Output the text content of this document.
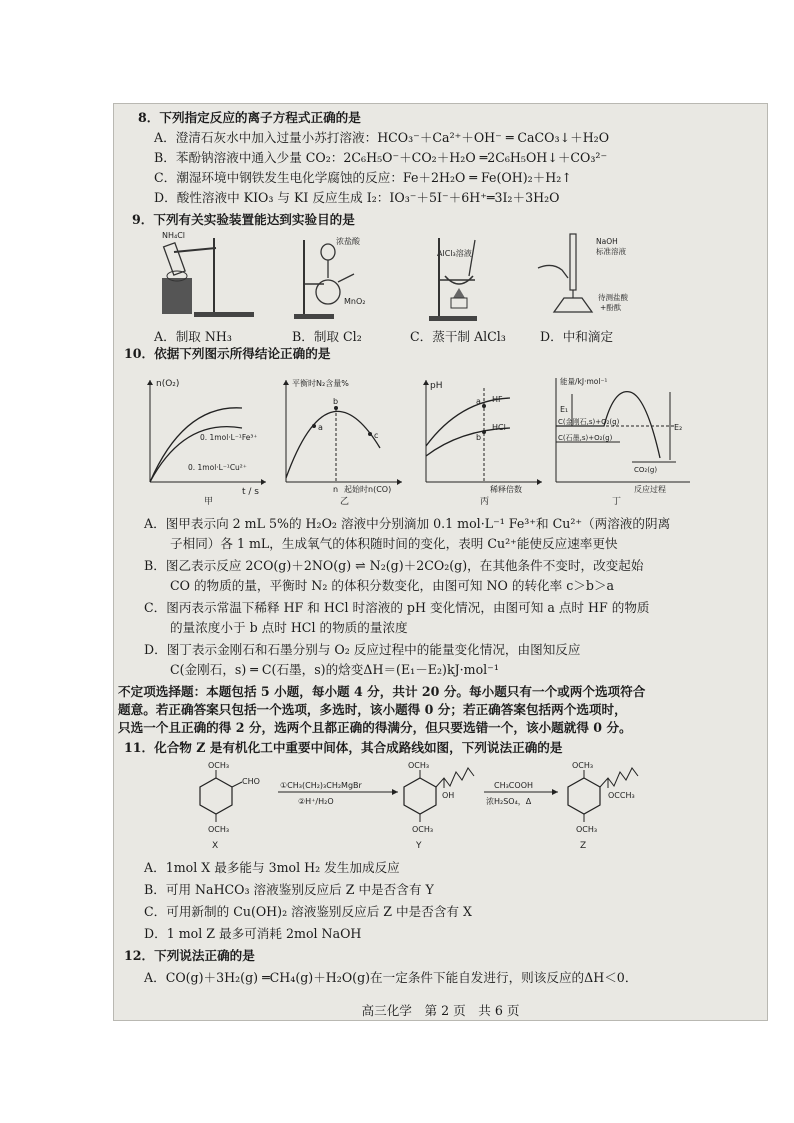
8．下列指定反应的离子方程式正确的是
A．澄清石灰水中加入过量小苏打溶液：HCO₃⁻＋Ca²⁺＋OH⁻ ═ CaCO₃↓＋H₂O
B．苯酚钠溶液中通入少量 CO₂：2C₆H₅O⁻＋CO₂＋H₂O ═2C₆H₅OH↓＋CO₃²⁻
C．潮湿环境中钢铁发生电化学腐蚀的反应：Fe＋2H₂O ═ Fe(OH)₂＋H₂↑
D．酸性溶液中 KIO₃ 与 KI 反应生成 I₂：IO₃⁻＋5I⁻＋6H⁺═3I₂＋3H₂O
9．下列有关实验装置能达到实验目的是
NH₄Cl
浓盐酸
MnO₂
AlCl₃溶液
NaOH
标准溶液
待测盐酸
+酚酞
A．制取 NH₃	B．制取 Cl₂	C．蒸干制 AlCl₃	D．中和滴定
10．依据下列图示所得结论正确的是
n(O₂)
t / s
0. 1mol·L⁻¹Fe³⁺
0. 1mol·L⁻¹Cu²⁺
甲
平衡时N₂含量%
a
b
c
n 起始时n(CO)
乙
pH
a
b
HF
HCl
稀释倍数
丙
能量/kJ·mol⁻¹
E₁
E₂
C(金刚石,s)+O₂(g)
C(石墨,s)+O₂(g)
CO₂(g)
反应过程
丁
A．图甲表示向 2 mL 5%的 H₂O₂ 溶液中分别滴加 0.1 mol·L⁻¹ Fe³⁺和 Cu²⁺（两溶液的阴离
子相同）各 1 mL，生成氧气的体积随时间的变化，表明 Cu²⁺能使反应速率更快
B．图乙表示反应 2CO(g)＋2NO(g) ⇌ N₂(g)＋2CO₂(g)，在其他条件不变时，改变起始
CO 的物质的量，平衡时 N₂ 的体积分数变化，由图可知 NO 的转化率 c＞b＞a
C．图丙表示常温下稀释 HF 和 HCl 时溶液的 pH 变化情况，由图可知 a 点时 HF 的物质
的量浓度小于 b 点时 HCl 的物质的量浓度
D．图丁表示金刚石和石墨分别与 O₂ 反应过程中的能量变化情况，由图知反应
C(金刚石，s) ═ C(石墨，s)的焓变ΔH＝(E₁－E₂)kJ·mol⁻¹
不定项选择题：本题包括 5 小题，每小题 4 分，共计 20 分。每小题只有一个或两个选项符合
题意。若正确答案只包括一个选项，多选时，该小题得 0 分；若正确答案包括两个选项时，
只选一个且正确的得 2 分，选两个且都正确的得满分，但只要选错一个，该小题就得 0 分。
11．化合物 Z 是有机化工中重要中间体，其合成路线如图，下列说法正确的是
OCH₃
CHO
OCH₃
X
①CH₃(CH₂)₃CH₂MgBr
②H⁺/H₂O
OCH₃
OH
OCH₃
Y
CH₃COOH
浓H₂SO₄，Δ
OCH₃
OCCH₃
OCH₃
Z
A．1mol X 最多能与 3mol H₂ 发生加成反应
B．可用 NaHCO₃ 溶液鉴别反应后 Z 中是否含有 Y
C．可用新制的 Cu(OH)₂ 溶液鉴别反应后 Z 中是否含有 X
D．1 mol Z 最多可消耗 2mol NaOH
12．下列说法正确的是
A．CO(g)＋3H₂(g) ═CH₄(g)＋H₂O(g)在一定条件下能自发进行，则该反应的ΔH＜0．
高三化学　第 2 页　共 6 页
